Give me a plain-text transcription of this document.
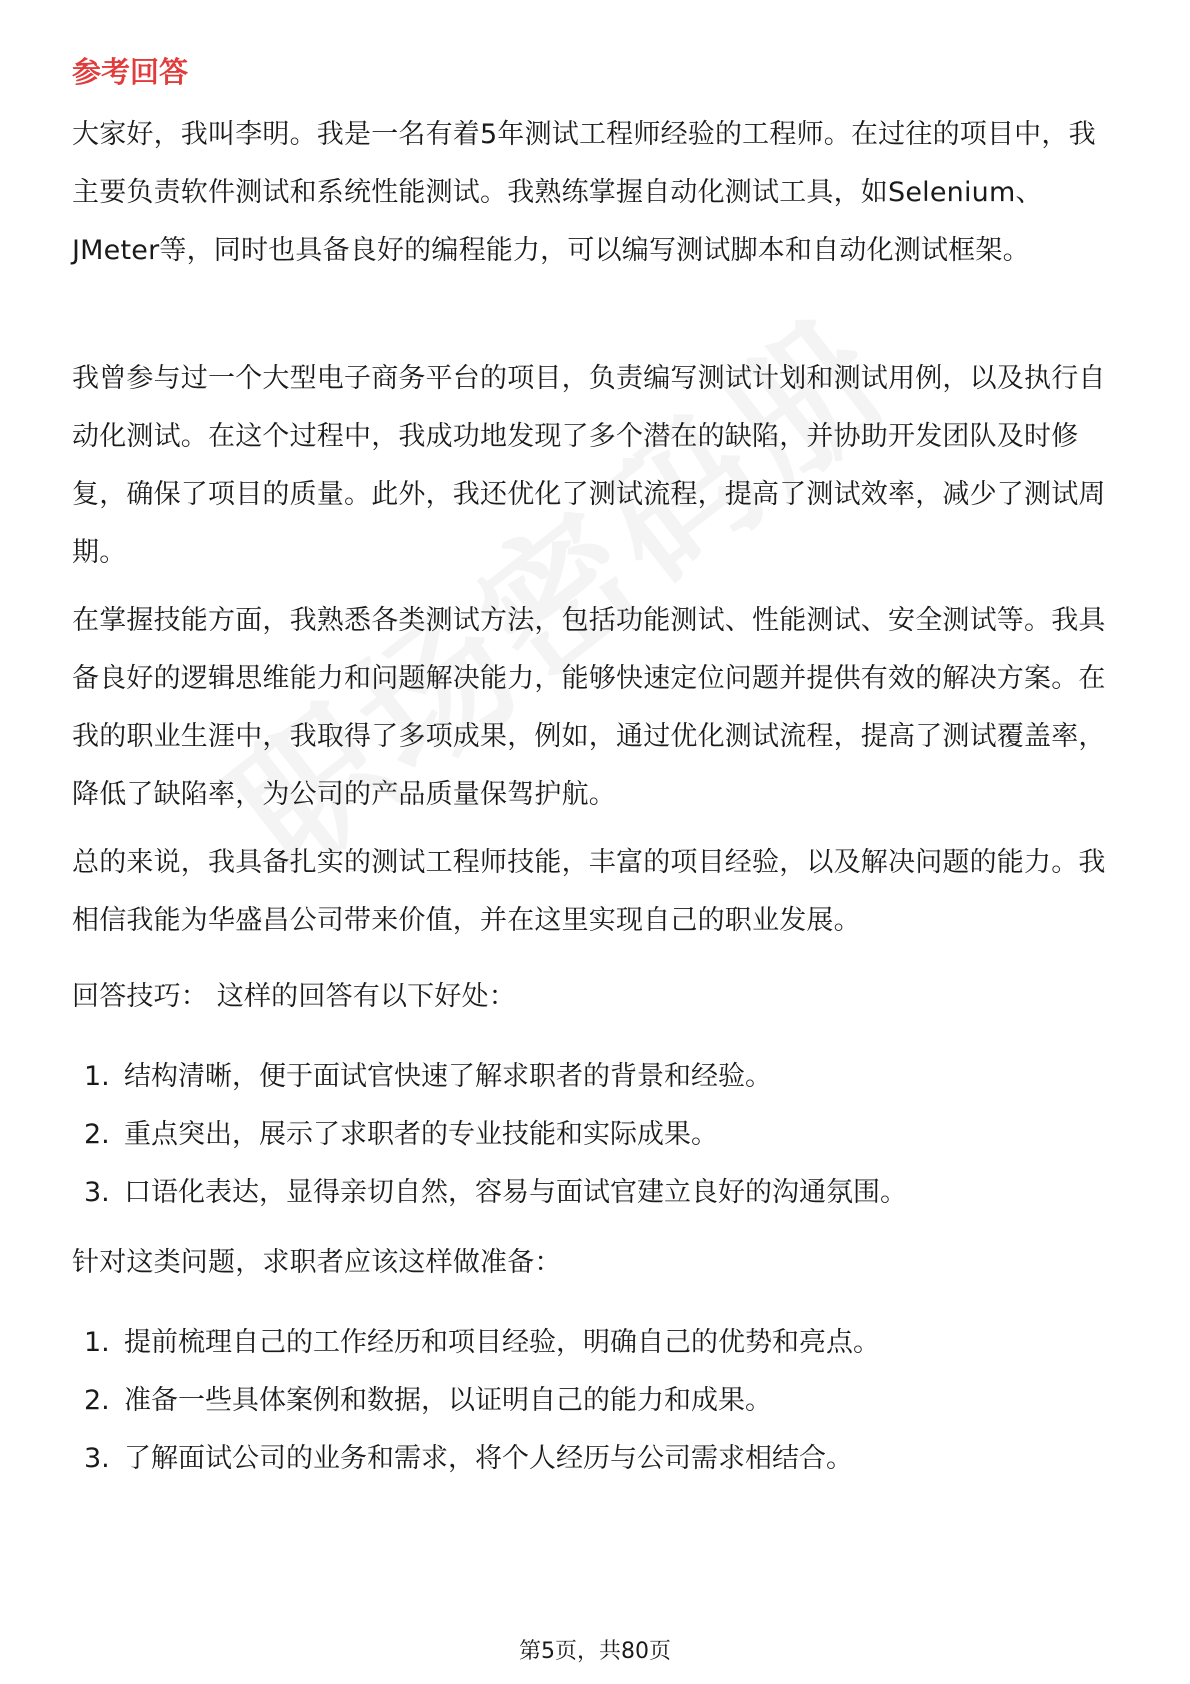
参考回答

大家好，我叫李明。我是一名有着5年测试工程师经验的工程师。在过往的项目中，我主要负责软件测试和系统性能测试。我熟练掌握自动化测试工具，如Selenium、JMeter等，同时也具备良好的编程能力，可以编写测试脚本和自动化测试框架。

我曾参与过一个大型电子商务平台的项目，负责编写测试计划和测试用例，以及执行自动化测试。在这个过程中，我成功地发现了多个潜在的缺陷，并协助开发团队及时修复，确保了项目的质量。此外，我还优化了测试流程，提高了测试效率，减少了测试周期。

在掌握技能方面，我熟悉各类测试方法，包括功能测试、性能测试、安全测试等。我具备良好的逻辑思维能力和问题解决能力，能够快速定位问题并提供有效的解决方案。在我的职业生涯中，我取得了多项成果，例如，通过优化测试流程，提高了测试覆盖率，降低了缺陷率，为公司的产品质量保驾护航。

总的来说，我具备扎实的测试工程师技能，丰富的项目经验，以及解决问题的能力。我相信我能为华盛昌公司带来价值，并在这里实现自己的职业发展。

回答技巧： 这样的回答有以下好处：

1. 结构清晰，便于面试官快速了解求职者的背景和经验。
2. 重点突出，展示了求职者的专业技能和实际成果。
3. 口语化表达，显得亲切自然，容易与面试官建立良好的沟通氛围。

针对这类问题，求职者应该这样做准备：

1. 提前梳理自己的工作经历和项目经验，明确自己的优势和亮点。
2. 准备一些具体案例和数据，以证明自己的能力和成果。
3. 了解面试公司的业务和需求，将个人经历与公司需求相结合。
第5页，共80页
